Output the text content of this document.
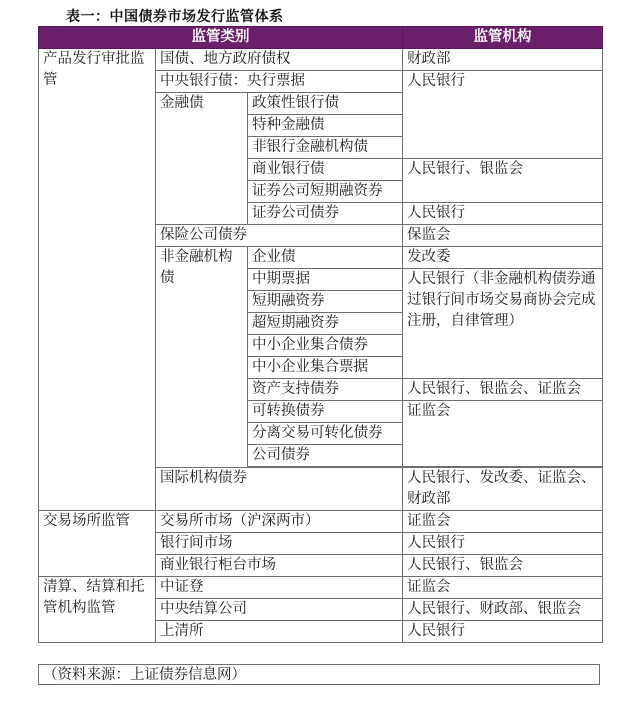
表一：中国债券市场发行监管体系
监管类别			监管机构
产品发行审批监管	国债、地方政府债权		财政部
	中央银行债：央行票据		人民银行
	金融债	政策性银行债	
		特种金融债	
		非银行金融机构债	
		商业银行债	人民银行、银监会
		证券公司短期融资券	
		证券公司债券	人民银行
	保险公司债券		保监会
	非金融机构债	企业债	发改委
		中期票据	人民银行（非金融机构债券通过银行间市场交易商协会完成注册，自律管理）
		短期融资券	
		超短期融资券	
		中小企业集合债券	
		中小企业集合票据	
		资产支持债券	人民银行、银监会、证监会
		可转换债券	证监会
		分离交易可转化债券	
		公司债券	

	国际机构债券		人民银行、发改委、证监会、财政部
交易场所监管	交易所市场（沪深两市）		证监会
	银行间市场		人民银行
	商业银行柜台市场		人民银行、银监会
清算、结算和托管机构监管	中证登		证监会
	中央结算公司		人民银行、财政部、银监会
	上清所		人民银行
（资料来源：上证债券信息网）
